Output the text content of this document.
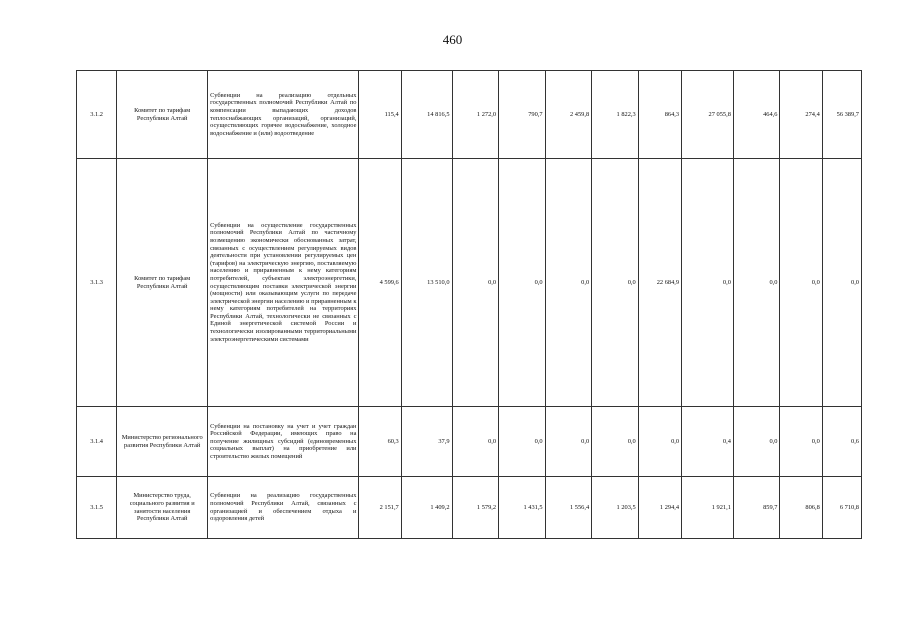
460
3.1.2	Комитет по тарифам Республики Алтай	Субвенции на реализацию отдельных государственных полномочий Республики Алтай по компенсации выпадающих доходов теплоснабжающих организаций, организаций, осуществляющих горячее водоснабжение, холодное водоснабжение и (или) водоотведение	115,4	14 816,5	1 272,0	790,7	2 459,8	1 822,3	864,3	27 055,8	464,6	274,4	56 389,7
3.1.3	Комитет по тарифам Республики Алтай	Субвенции на осуществление государственных полномочий Республики Алтай по частичному возмещению экономически обоснованных затрат, связанных с осуществлением регулируемых видов деятельности при установлении регулируемых цен (тарифов) на электрическую энергию, поставляемую населению и приравненным к нему категориям потребителей, субъектам электроэнергетики, осуществляющим поставки электрической энергии (мощности) или оказывающим услуги по передаче электрической энергии населению и приравненным к нему категориям потребителей на территориях Республики Алтай, технологически не связанных с Единой энергетической системой России и технологически изолированными территориальными электроэнергетическими системами	4 599,6	13 510,0	0,0	0,0	0,0	0,0	22 684,9	0,0	0,0	0,0	0,0
3.1.4	Министерство регионального развития Республики Алтай	Субвенции на постановку на учет и учет граждан Российской Федерации, имеющих право на получение жилищных субсидий (единовременных социальных выплат) на приобретение или строительство жилых помещений	60,3	37,9	0,0	0,0	0,0	0,0	0,0	0,4	0,0	0,0	0,6
3.1.5	Министерство труда, социального развития и занятости населения Республики Алтай	Субвенции на реализацию государственных полномочий Республики Алтай, связанных с организацией и обеспечением отдыха и оздоровления детей	2 151,7	1 409,2	1 579,2	1 431,5	1 556,4	1 203,5	1 294,4	1 921,1	859,7	806,8	6 710,8
